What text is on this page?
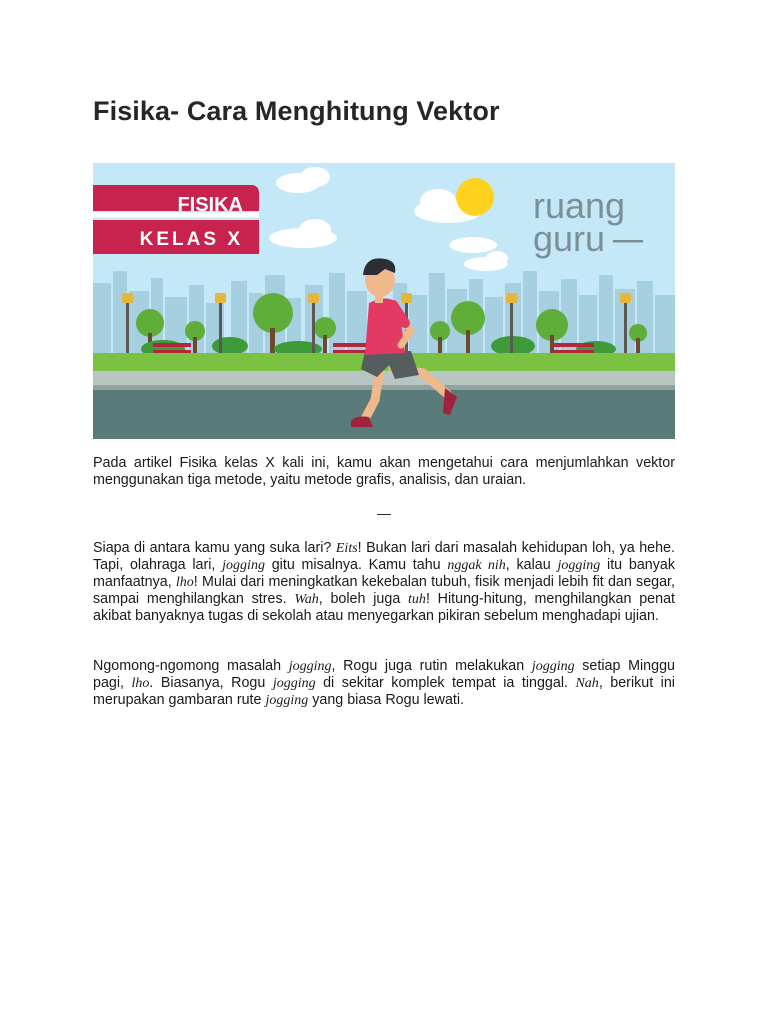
Fisika- Cara Menghitung Vektor
FISIKA
KELAS X
ruang
guru

Pada artikel Fisika kelas X kali ini, kamu akan mengetahui cara menjumlahkan vektor menggunakan tiga metode, yaitu metode grafis, analisis, dan uraian.

—

Siapa di antara kamu yang suka lari? Eits! Bukan lari dari masalah kehidupan loh, ya hehe. Tapi, olahraga lari, jogging gitu misalnya. Kamu tahu nggak nih, kalau jogging itu banyak manfaatnya, lho! Mulai dari meningkatkan kekebalan tubuh, fisik menjadi lebih fit dan segar, sampai menghilangkan stres. Wah, boleh juga tuh! Hitung-hitung, menghilangkan penat akibat banyaknya tugas di sekolah atau menyegarkan pikiran sebelum menghadapi ujian.

Ngomong-ngomong masalah jogging, Rogu juga rutin melakukan jogging setiap Minggu pagi, lho. Biasanya, Rogu jogging di sekitar komplek tempat ia tinggal. Nah, berikut ini merupakan gambaran rute jogging yang biasa Rogu lewati.
